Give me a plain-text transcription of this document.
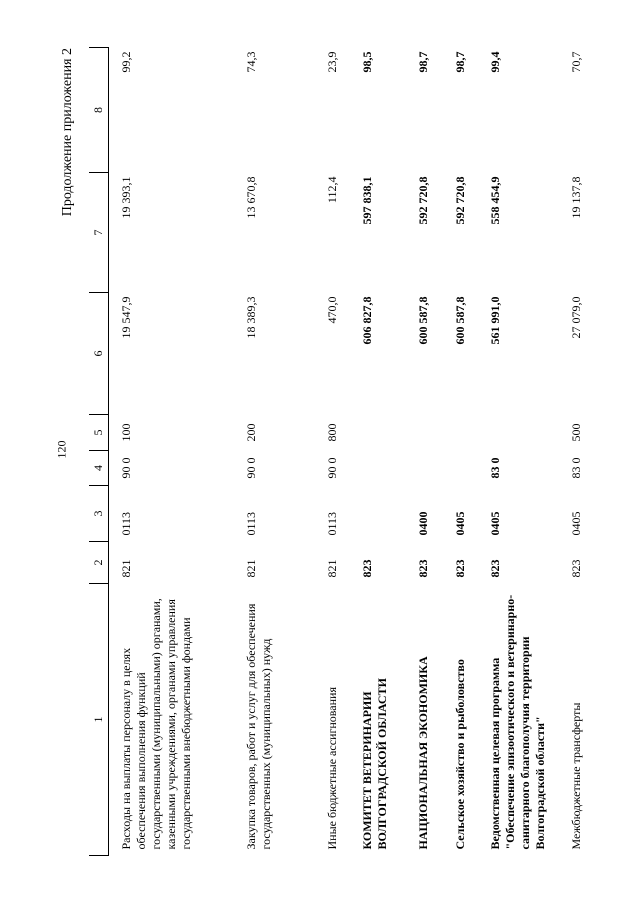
120
Продолжение приложения 2
1	2	3	4	5	6	7	8
Расходы на выплаты персоналу в целях обеспечения выполнения функций государственными (муниципальными) органами, казенными учреждениями, органами управления государственными внебюджетными фондами	821	0113	90 0	100	19 547,9	19 393,1	99,2
Закупка товаров, работ и услуг для обеспечения государственных (муниципальных) нужд	821	0113	90 0	200	18 389,3	13 670,8	74,3
Иные бюджетные ассигнования	821	0113	90 0	800	470,0	112,4	23,9
КОМИТЕТ ВЕТЕРИНАРИИ ВОЛГОГРАДСКОЙ ОБЛАСТИ	823				606 827,8	597 838,1	98,5
НАЦИОНАЛЬНАЯ ЭКОНОМИКА	823	0400			600 587,8	592 720,8	98,7
Сельское хозяйство и рыболовство	823	0405			600 587,8	592 720,8	98,7
Ведомственная целевая программа "Обеспечение эпизоотического и ветеринарно-санитарного благополучия территории Волгоградской области"	823	0405	83 0		561 991,0	558 454,9	99,4
Межбюджетные трансферты	823	0405	83 0	500	27 079,0	19 137,8	70,7
